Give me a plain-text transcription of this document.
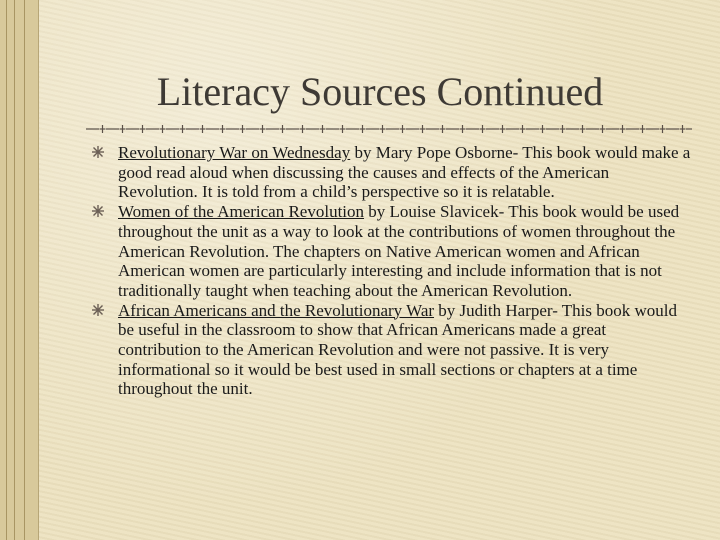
Literacy Sources Continued
Revolutionary War on Wednesday by Mary Pope Osborne- This book would make a good read aloud when discussing the causes and effects of the American Revolution. It is told from a child’s perspective so it is relatable.
Women of the American Revolution by Louise Slavicek- This book would be used throughout the unit as a way to look at the contributions of women throughout the American Revolution. The chapters on Native American women and African American women are particularly interesting and include information that is not traditionally taught when teaching about the American Revolution.
African Americans and the Revolutionary War by Judith Harper- This book would be useful in the classroom to show that African Americans made a great contribution to the American Revolution and were not passive. It is very informational so it would be best used in small sections or chapters at a time throughout the unit.
